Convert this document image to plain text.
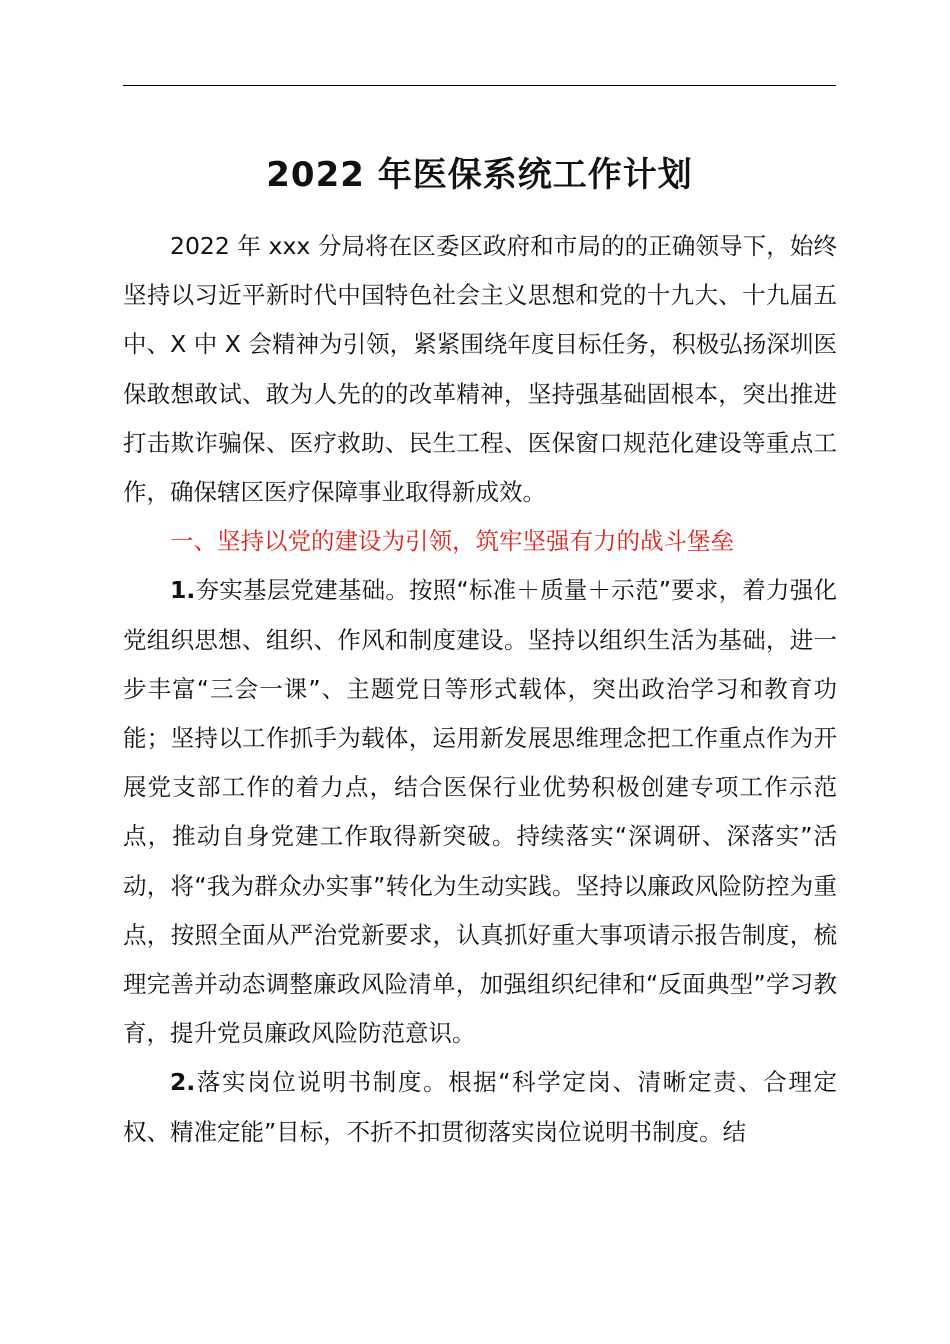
2022 年医保系统工作计划

2022 年 xxx 分局将在区委区政府和市局的的正确领导下，始终坚持以习近平新时代中国特色社会主义思想和党的十九大、十九届五中、X 中 X 会精神为引领，紧紧围绕年度目标任务，积极弘扬深圳医保敢想敢试、敢为人先的的改革精神，坚持强基础固根本，突出推进打击欺诈骗保、医疗救助、民生工程、医保窗口规范化建设等重点工作，确保辖区医疗保障事业取得新成效。

一、坚持以党的建设为引领，筑牢坚强有力的战斗堡垒

1.夯实基层党建基础。按照“标准＋质量＋示范”要求，着力强化党组织思想、组织、作风和制度建设。坚持以组织生活为基础，进一步丰富“三会一课”、主题党日等形式载体，突出政治学习和教育功能；坚持以工作抓手为载体，运用新发展思维理念把工作重点作为开展党支部工作的着力点，结合医保行业优势积极创建专项工作示范点，推动自身党建工作取得新突破。持续落实“深调研、深落实”活动，将“我为群众办实事”转化为生动实践。坚持以廉政风险防控为重点，按照全面从严治党新要求，认真抓好重大事项请示报告制度，梳理完善并动态调整廉政风险清单，加强组织纪律和“反面典型”学习教育，提升党员廉政风险防范意识。

2.落实岗位说明书制度。根据“科学定岗、清晰定责、合理定权、精准定能”目标，不折不扣贯彻落实岗位说明书制度。结
